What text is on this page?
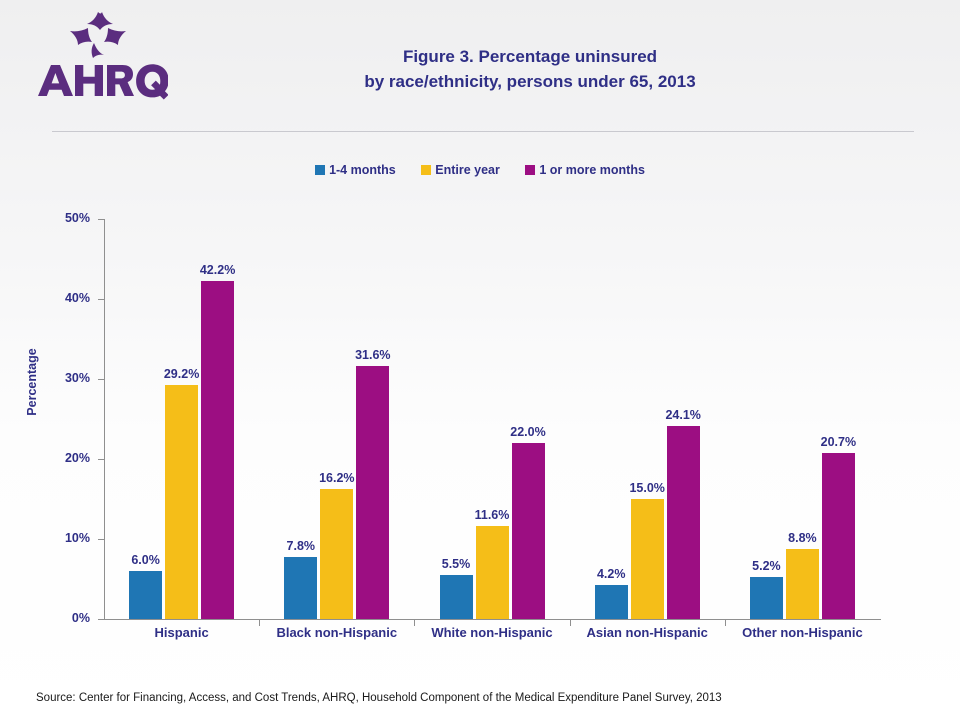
Figure 3. Percentage uninsured
by race/ethnicity, persons under 65, 2013
1-4 months	Entire year	1 or more months
Percentage
0%
10%
20%
30%
40%
50%
6.0%
29.2%
42.2%
7.8%
16.2%
31.6%
5.5%
11.6%
22.0%
4.2%
15.0%
24.1%
5.2%
8.8%
20.7%
Hispanic	Black non-Hispanic	White non-Hispanic	Asian non-Hispanic	Other non-Hispanic
Source: Center for Financing, Access, and Cost Trends, AHRQ, Household Component of the Medical Expenditure Panel Survey, 2013
